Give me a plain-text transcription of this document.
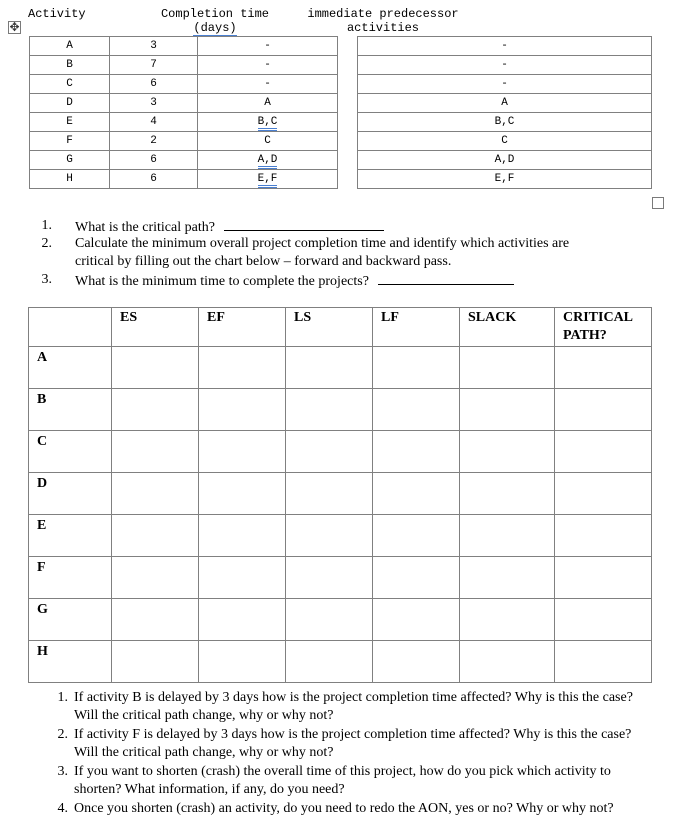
Activity	Completion time
(days)
immediate predecessor
activities
✥
A	3	-		-
B	7	-		-
C	6	-		-
D	3	A		A
E	4	B,C		B,C
F	2	C		C
G	6	A,D		A,D
H	6	E,F		E,F
1. What is the critical path?
2. Calculate the minimum overall project completion time and identify which activities are
critical by filling out the chart below – forward and backward pass.
3. What is the minimum time to complete the projects?
	ES	EF	LS	LF	SLACK	CRITICAL PATH?
A						
B						
C						
D						
E						
F						
G						
H						
1. If activity B is delayed by 3 days how is the project completion time affected? Why is this the case? Will the critical path change, why or why not?
2. If activity F is delayed by 3 days how is the project completion time affected? Why is this the case? Will the critical path change, why or why not?
3. If you want to shorten (crash) the overall time of this project, how do you pick which activity to shorten? What information, if any, do you need?
4. Once you shorten (crash) an activity, do you need to redo the AON, yes or no? Why or why not?
